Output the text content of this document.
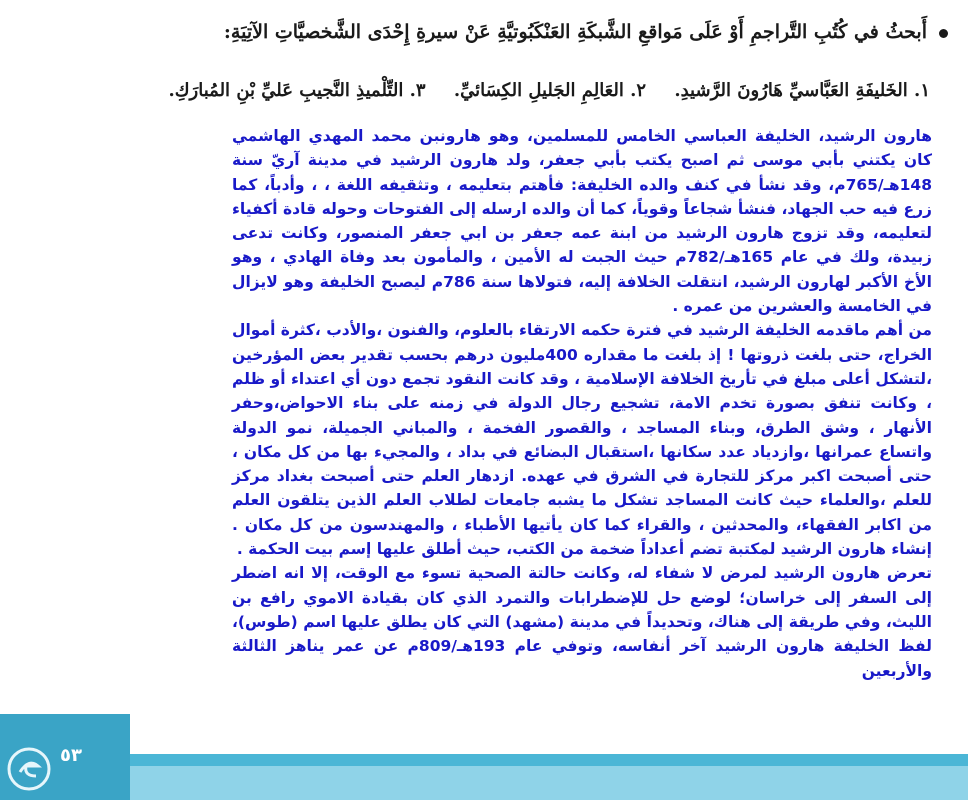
أَبحثُ في كُتُبِ التَّراجمِ أَوْ عَلَى مَواقعِ الشَّبكَةِ العَنْكَبُوتيَّةِ عَنْ سيرةِ إِحْدَى الشَّخصيَّاتِ الآتِيَةِ:
١. الخَليفَةِ العَبَّاسيِّ هَارُونَ الرَّشيدِ. ٢. العَالِمِ الجَليلِ الكِسَائيِّ. ٣. التِّلْميذِ النَّجيبِ عَليِّ بْنِ المُبارَكِ.

هارون الرشيد، الخليفة العباسي الخامس للمسلمين، وهو هارونبن محمد المهدي الهاشمي كان يكتني بأبي موسى ثم اصبح يكتب بأبي جعفر، ولد هارون الرشيد في مدينة آريّ سنة 148هـ/765م، وقد نشأ في كنف والده الخليفة: فأهتم بتعليمه ، وتثقيفه اللغة ، ، وأدباً، كما زرع فيه حب الجهاد، فنشأ شجاعاً وقوياً، كما أن والده ارسله إلى الفتوحات وحوله قادة أكفياء لتعليمه، وقد تزوج هارون الرشيد من ابنة عمه جعفر بن ابي جعفر المنصور، وكانت تدعى زبيدة، ولك في عام 165هـ/782م حيث الجبت له الأمين ، والمأمون بعد وفاة الهادي ، وهو الأخ الأكبر لهارون الرشيد، انتقلت الخلافة إليه، فتولاها سنة 786م ليصبح الخليفة وهو لايزال في الخامسة والعشرين من عمره .

من أهم ماقدمه الخليفة الرشيد في فترة حكمه الارتقاء بالعلوم، والفنون ،والأدب ،كثرة أموال الخراج، حتى بلغت ذروتها ! إذ بلغت ما مقداره 400مليون درهم بحسب تقدير بعض المؤرخين ،لتشكل أعلى مبلغ في تأريخ الخلافة الإسلامية ، وقد كانت النقود تجمع دون أي اعتداء أو ظلم ، وكانت تنفق بصورة تخدم الامة، تشجيع رجال الدولة في زمنه على بناء الاحواض،وحفر الأنهار ، وشق الطرق، وبناء المساجد ، والقصور الفخمة ، والمباني الجميلة، نمو الدولة واتساع عمرانها ،وازدياد عدد سكانها ،استقبال البضائع في بداد ، والمجيء بها من كل مكان ، حتى أصبحت اكبر مركز للتجارة في الشرق في عهده. ازدهار العلم حتى أصبحت بغداد مركز للعلم ،والعلماء حيث كانت المساجد تشكل ما يشبه جامعات لطلاب العلم الذين يتلقون العلم من اكابر الفقهاء، والمحدثين ، والقراء كما كان يأتيها الأطباء ، والمهندسون من كل مكان . إنشاء هارون الرشيد لمكتبة تضم أعداداً ضخمة من الكتب، حيث أطلق عليها إسم بيت الحكمة .

تعرض هارون الرشيد لمرض لا شفاء له، وكانت حالتة الصحية تسوء مع الوقت، إلا انه اضطر إلى السفر إلى خراسان؛ لوضع حل للإضطرابات والتمرد الذي كان بقيادة الاموي رافع بن الليث، وفي طريقة إلى هناك، وتحديداً في مدينة (مشهد) التي كان يطلق عليها اسم (طوس)، لفظ الخليفة هارون الرشيد آخر أنفاسه، وتوفي عام 193هـ/809م عن عمر يناهز الثالثة والأربعين

٥٣
